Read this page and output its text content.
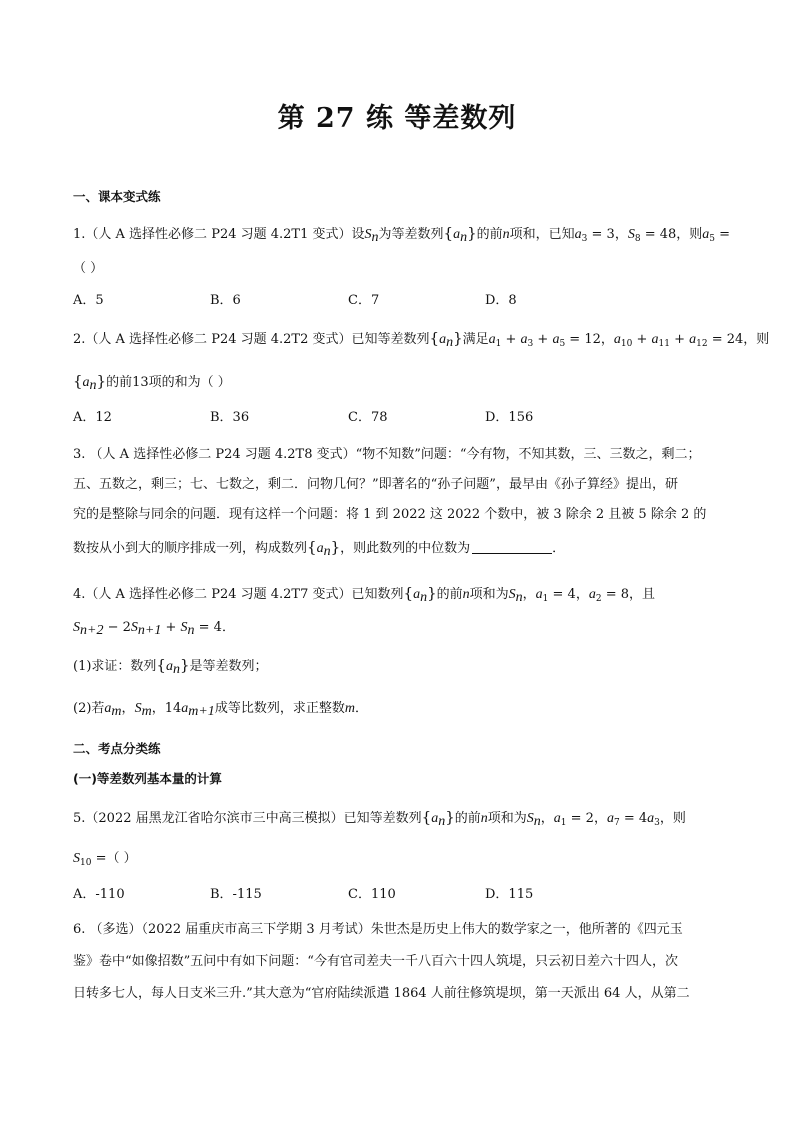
第 27 练 等差数列
一、课本变式练
1.（人 A 选择性必修二 P24 习题 4.2T1 变式）设$S_n$为等差数列$\{a_n\}$的前n项和，已知$a_3 = 3$，$S_8 = 48$，则$a_5$ =
（ ）
A．5	B．6	C．7	D．8
2.（人 A 选择性必修二 P24 习题 4.2T2 变式）已知等差数列$\{a_n\}$满足$a_1 + a_3 + a_5 = 12$，$a_{10} + a_{11} + a_{12} = 24$，则
$\{a_n\}$的前13项的和为（ ）
A．12	B．36	C．78	D．156
3. （人 A 选择性必修二 P24 习题 4.2T8 变式）“物不知数”问题：“今有物，不知其数，三、三数之，剩二；
五、五数之，剩三；七、七数之，剩二．问物几何？”即著名的“孙子问题”，最早由《孙子算经》提出，研
究的是整除与同余的问题．现有这样一个问题：将 1 到 2022 这 2022 个数中，被 3 除余 2 且被 5 除余 2 的
数按从小到大的顺序排成一列，构成数列$\{a_n\}$，则此数列的中位数为	．
4.（人 A 选择性必修二 P24 习题 4.2T7 变式）已知数列$\{a_n\}$的前n项和为$S_n$，$a_1 = 4$，$a_2 = 8$，且
$S_{n+2} - 2S_{n+1} + S_n = 4$．
(1)求证：数列$\{a_n\}$是等差数列；
(2)若$a_m$，$S_m$，$14a_{m+1}$成等比数列，求正整数m．
二、考点分类练
(一)等差数列基本量的计算
5.（2022 届黑龙江省哈尔滨市三中高三模拟）已知等差数列$\{a_n\}$的前n项和为$S_n$，$a_1 = 2$，$a_7 = 4a_3$，则
$S_{10}$ =（ ）
A．-110	B．-115	C．110	D．115
6. （多选）（2022 届重庆市高三下学期 3 月考试）朱世杰是历史上伟大的数学家之一，他所著的《四元玉
鉴》卷中“如像招数”五问中有如下问题：“今有官司差夫一千八百六十四人筑堤，只云初日差六十四人，次
日转多七人，每人日支米三升.”其大意为“官府陆续派遣 1864 人前往修筑堤坝，第一天派出 64 人，从第二
